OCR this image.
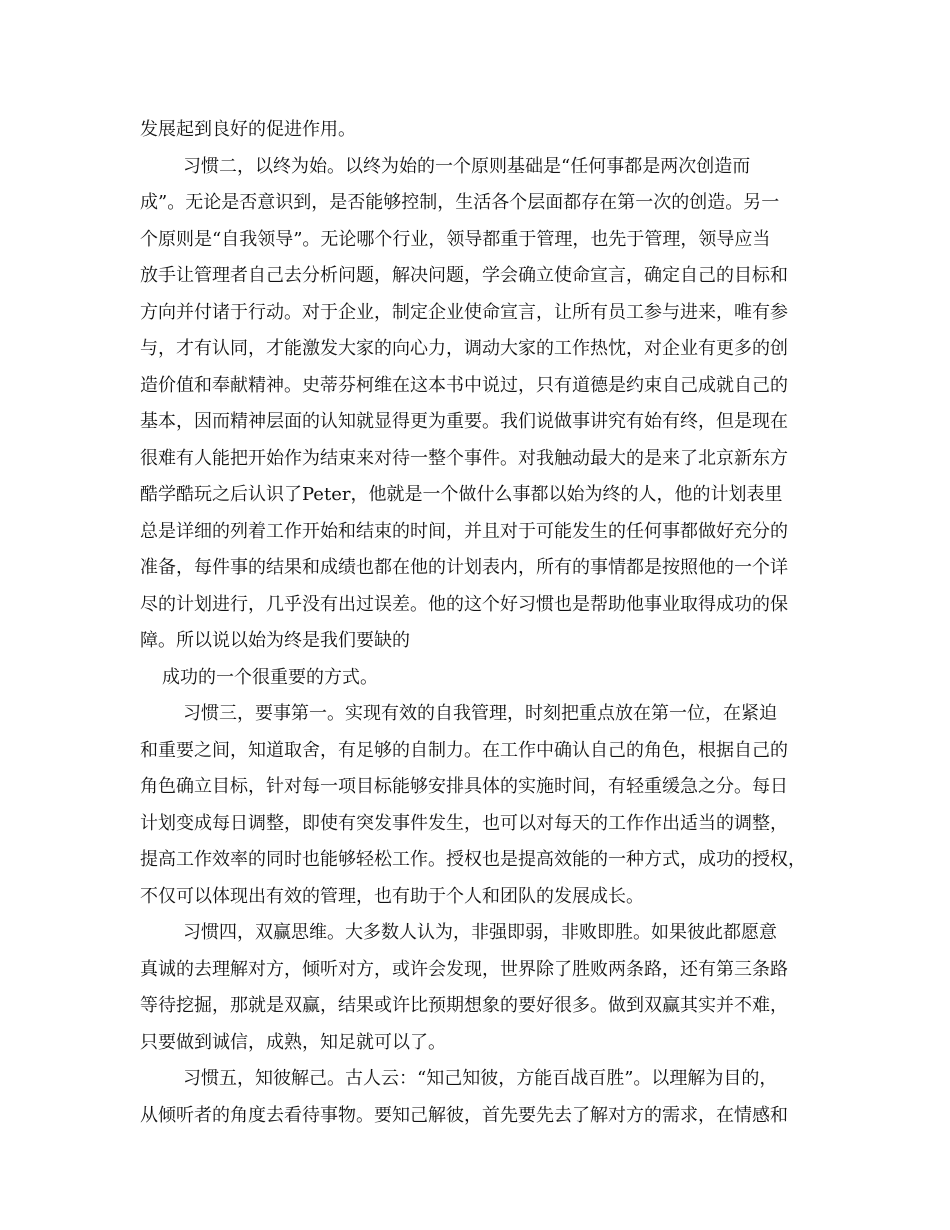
发展起到良好的促进作用。
习惯二，以终为始。以终为始的一个原则基础是“任何事都是两次创造而
成”。无论是否意识到，是否能够控制，生活各个层面都存在第一次的创造。另一
个原则是“自我领导”。无论哪个行业，领导都重于管理，也先于管理，领导应当
放手让管理者自己去分析问题，解决问题，学会确立使命宣言，确定自己的目标和
方向并付诸于行动。对于企业，制定企业使命宣言，让所有员工参与进来，唯有参
与，才有认同，才能激发大家的向心力，调动大家的工作热忱，对企业有更多的创
造价值和奉献精神。史蒂芬柯维在这本书中说过，只有道德是约束自己成就自己的
基本，因而精神层面的认知就显得更为重要。我们说做事讲究有始有终，但是现在
很难有人能把开始作为结束来对待一整个事件。对我触动最大的是来了北京新东方
酷学酷玩之后认识了Peter，他就是一个做什么事都以始为终的人，他的计划表里
总是详细的列着工作开始和结束的时间，并且对于可能发生的任何事都做好充分的
准备，每件事的结果和成绩也都在他的计划表内，所有的事情都是按照他的一个详
尽的计划进行，几乎没有出过误差。他的这个好习惯也是帮助他事业取得成功的保
障。所以说以始为终是我们要缺的
成功的一个很重要的方式。
习惯三，要事第一。实现有效的自我管理，时刻把重点放在第一位，在紧迫
和重要之间，知道取舍，有足够的自制力。在工作中确认自己的角色，根据自己的
角色确立目标，针对每一项目标能够安排具体的实施时间，有轻重缓急之分。每日
计划变成每日调整，即使有突发事件发生，也可以对每天的工作作出适当的调整，
提高工作效率的同时也能够轻松工作。授权也是提高效能的一种方式，成功的授权，
不仅可以体现出有效的管理，也有助于个人和团队的发展成长。
习惯四，双赢思维。大多数人认为，非强即弱，非败即胜。如果彼此都愿意
真诚的去理解对方，倾听对方，或许会发现，世界除了胜败两条路，还有第三条路
等待挖掘，那就是双赢，结果或许比预期想象的要好很多。做到双赢其实并不难，
只要做到诚信，成熟，知足就可以了。
习惯五，知彼解己。古人云：“知己知彼，方能百战百胜”。以理解为目的，
从倾听者的角度去看待事物。要知己解彼，首先要先去了解对方的需求，在情感和
